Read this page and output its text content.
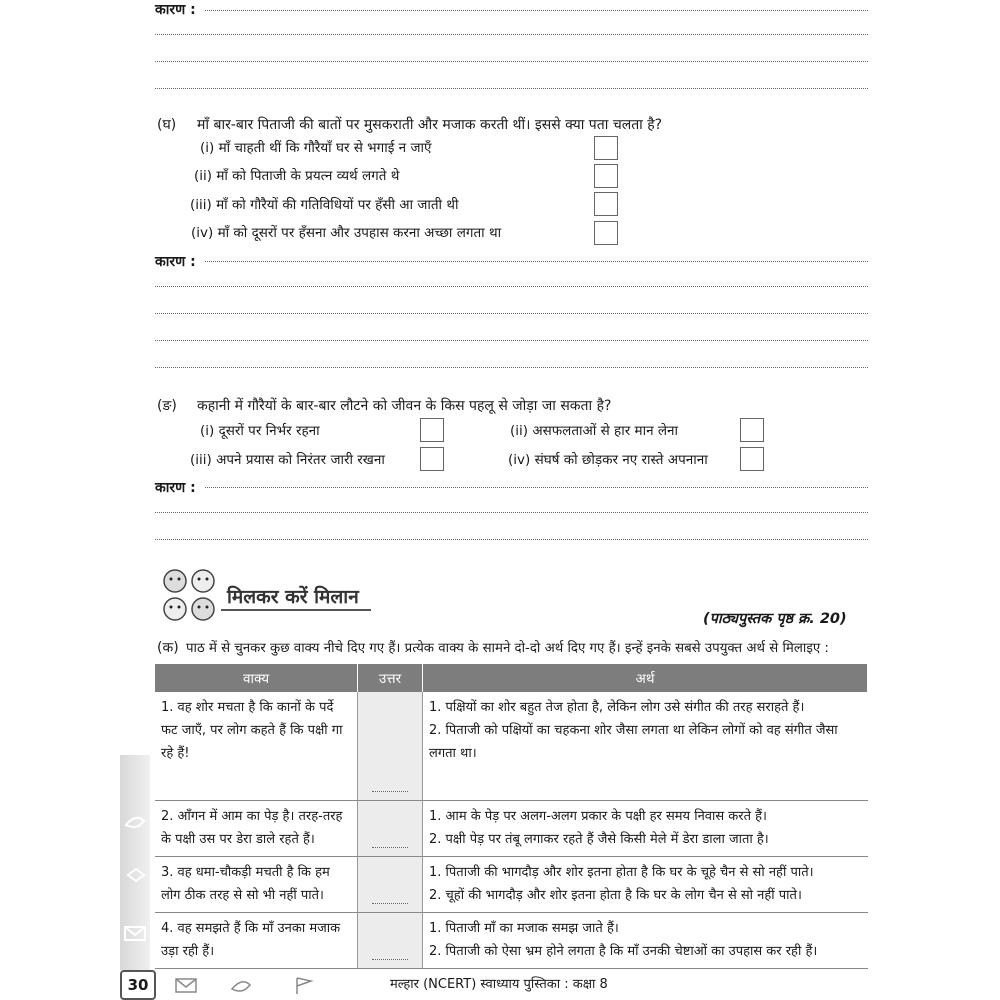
कारण :
(घ) माँ बार-बार पिताजी की बातों पर मुसकराती और मजाक करती थीं। इससे क्या पता चलता है?
(i) माँ चाहती थीं कि गौरैयाँ घर से भगाई न जाएँ
(ii) माँ को पिताजी के प्रयत्न व्यर्थ लगते थे
(iii) माँ को गौरैयों की गतिविधियों पर हँसी आ जाती थी
(iv) माँ को दूसरों पर हँसना और उपहास करना अच्छा लगता था
कारण :
(ङ) कहानी में गौरैयों के बार-बार लौटने को जीवन के किस पहलू से जोड़ा जा सकता है?
(i) दूसरों पर निर्भर रहना	(ii) असफलताओं से हार मान लेना
(iii) अपने प्रयास को निरंतर जारी रखना	(iv) संघर्ष को छोड़कर नए रास्ते अपनाना
कारण :
मिलकर करें मिलान
(पाठ्यपुस्तक पृष्ठ क्र. 20)
(क) पाठ में से चुनकर कुछ वाक्य नीचे दिए गए हैं। प्रत्येक वाक्य के सामने दो-दो अर्थ दिए गए हैं। इन्हें इनके सबसे उपयुक्त अर्थ से मिलाइए :
वाक्य	उत्तर	अर्थ
1. वह शोर मचता है कि कानों के पर्दे फट जाएँ, पर लोग कहते हैं कि पक्षी गा रहे हैं!		1. पक्षियों का शोर बहुत तेज होता है, लेकिन लोग उसे संगीत की तरह सराहते हैं।
2. पिताजी को पक्षियों का चहकना शोर जैसा लगता था लेकिन लोगों को वह संगीत जैसा लगता था।

2. आँगन में आम का पेड़ है। तरह-तरह के पक्षी उस पर डेरा डाले रहते हैं।		1. आम के पेड़ पर अलग-अलग प्रकार के पक्षी हर समय निवास करते हैं।
2. पक्षी पेड़ पर तंबू लगाकर रहते हैं जैसे किसी मेले में डेरा डाला जाता है।

3. वह धमा-चौकड़ी मचती है कि हम लोग ठीक तरह से सो भी नहीं पाते।		1. पिताजी की भागदौड़ और शोर इतना होता है कि घर के चूहे चैन से सो नहीं पाते।
2. चूहों की भागदौड़ और शोर इतना होता है कि घर के लोग चैन से सो नहीं पाते।

4. वह समझते हैं कि माँ उनका मजाक उड़ा रही हैं।		1. पिताजी माँ का मजाक समझ जाते हैं।
2. पिताजी को ऐसा भ्रम होने लगता है कि माँ उनकी चेष्टाओं का उपहास कर रही हैं।
30	मल्हार (NCERT) स्वाध्याय पुस्तिका : कक्षा 8
